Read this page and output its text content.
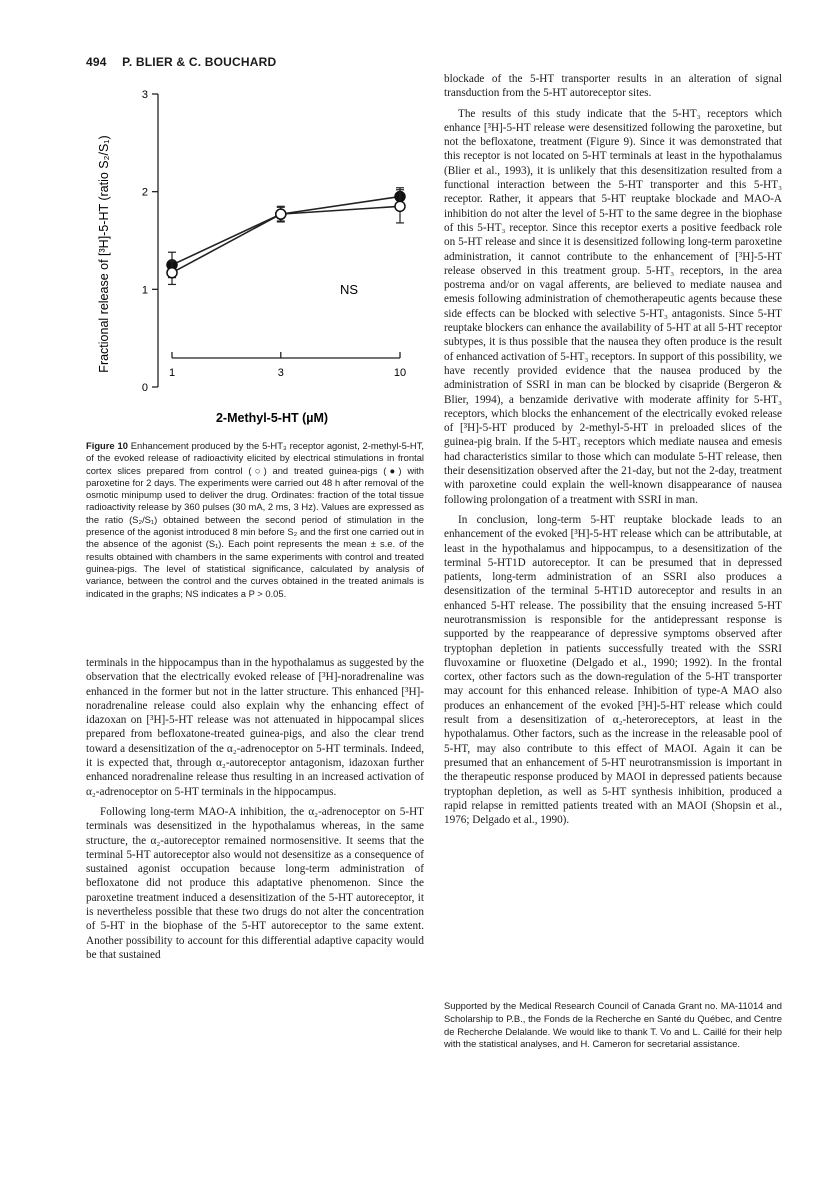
494 P. BLIER & C. BOUCHARD
0
1
2
3
1	3	10
Fractional release of [³H]-5-HT (ratio S₂/S₁)
2-Methyl-5-HT (µM)
NS
Figure 10 Enhancement produced by the 5-HT₃ receptor agonist, 2-methyl-5-HT, of the evoked release of radioactivity elicited by electrical stimulations in frontal cortex slices prepared from control (○) and treated guinea-pigs (●) with paroxetine for 2 days. The experiments were carried out 48 h after removal of the osmotic minipump used to deliver the drug. Ordinates: fraction of the total tissue radioactivity release by 360 pulses (30 mA, 2 ms, 3 Hz). Values are expressed as the ratio (S₂/S₁) obtained between the second period of stimulation in the presence of the agonist introduced 8 min before S₂ and the first one carried out in the absence of the agonist (S₁). Each point represents the mean ± s.e. of the results obtained with chambers in the same experiments with control and treated guinea-pigs. The level of statistical significance, calculated by analysis of variance, between the control and the curves obtained in the treated animals is indicated in the graphs; NS indicates a P > 0.05.

terminals in the hippocampus than in the hypothalamus as suggested by the observation that the electrically evoked release of [³H]-noradrenaline was enhanced in the former but not in the latter structure. This enhanced [³H]-noradrenaline release could also explain why the enhancing effect of idazoxan on [³H]-5-HT release was not attenuated in hippocampal slices prepared from befloxatone-treated guinea-pigs, and also the clear trend toward a desensitization of the α₂-adrenoceptor on 5-HT terminals. Indeed, it is expected that, through α₂-autoreceptor antagonism, idazoxan further enhanced noradrenaline release thus resulting in an increased activation of α₂-adrenoceptor on 5-HT terminals in the hippocampus.

Following long-term MAO-A inhibition, the α₂-adrenoceptor on 5-HT terminals was desensitized in the hypothalamus whereas, in the same structure, the α₂-autoreceptor remained normosensitive. It seems that the terminal 5-HT autoreceptor also would not desensitize as a consequence of sustained agonist occupation because long-term administration of befloxatone did not produce this adaptative phenomenon. Since the paroxetine treatment induced a desensitization of the 5-HT autoreceptor, it is nevertheless possible that these two drugs do not alter the concentration of 5-HT in the biophase of the 5-HT autoreceptor to the same extent. Another possibility to account for this differential adaptive capacity would be that sustained

blockade of the 5-HT transporter results in an alteration of signal transduction from the 5-HT autoreceptor sites.

The results of this study indicate that the 5-HT₃ receptors which enhance [³H]-5-HT release were desensitized following the paroxetine, but not the befloxatone, treatment (Figure 9). Since it was demonstrated that this receptor is not located on 5-HT terminals at least in the hypothalamus (Blier et al., 1993), it is unlikely that this desensitization resulted from a functional interaction between the 5-HT transporter and this 5-HT₃ receptor. Rather, it appears that 5-HT reuptake blockade and MAO-A inhibition do not alter the level of 5-HT to the same degree in the biophase of this 5-HT₃ receptor. Since this receptor exerts a positive feedback role on 5-HT release and since it is desensitized following long-term paroxetine administration, it cannot contribute to the enhancement of [³H]-5-HT release observed in this treatment group. 5-HT₃ receptors, in the area postrema and/or on vagal afferents, are believed to mediate nausea and emesis following administration of chemotherapeutic agents because these side effects can be blocked with selective 5-HT₃ antagonists. Since 5-HT reuptake blockers can enhance the availability of 5-HT at all 5-HT receptor subtypes, it is thus possible that the nausea they often produce is the result of enhanced activation of 5-HT₃ receptors. In support of this possibility, we have recently provided evidence that the nausea produced by the administration of SSRI in man can be blocked by cisapride (Bergeron & Blier, 1994), a benzamide derivative with moderate affinity for 5-HT₃ receptors, which blocks the enhancement of the electrically evoked release of [³H]-5-HT produced by 2-methyl-5-HT in preloaded slices of the guinea-pig brain. If the 5-HT₃ receptors which mediate nausea and emesis had characteristics similar to those which can modulate 5-HT release, then their desensitization observed after the 21-day, but not the 2-day, treatment with paroxetine could explain the well-known disappearance of nausea following prolongation of a treatment with SSRI in man.

In conclusion, long-term 5-HT reuptake blockade leads to an enhancement of the evoked [³H]-5-HT release which can be attributable, at least in the hypothalamus and hippocampus, to a desensitization of the terminal 5-HT1D autoreceptor. It can be presumed that in depressed patients, long-term administration of an SSRI also produces a desensitization of the terminal 5-HT1D autoreceptor and results in an enhanced 5-HT release. The possibility that the ensuing increased 5-HT neurotransmission is responsible for the antidepressant response is supported by the reappearance of depressive symptoms observed after tryptophan depletion in patients successfully treated with the SSRI fluvoxamine or fluoxetine (Delgado et al., 1990; 1992). In the frontal cortex, other factors such as the down-regulation of the 5-HT transporter may account for this enhanced release. Inhibition of type-A MAO also produces an enhancement of the evoked [³H]-5-HT release which could result from a desensitization of α₂-heteroreceptors, at least in the hypothalamus. Other factors, such as the increase in the releasable pool of 5-HT, may also contribute to this effect of MAOI. Again it can be presumed that an enhancement of 5-HT neurotransmission is important in the therapeutic response produced by MAOI in depressed patients because tryptophan depletion, as well as 5-HT synthesis inhibition, produced a rapid relapse in remitted patients treated with an MAOI (Shopsin et al., 1976; Delgado et al., 1990).

Supported by the Medical Research Council of Canada Grant no. MA-11014 and Scholarship to P.B., the Fonds de la Recherche en Santé du Québec, and Centre de Recherche Delalande. We would like to thank T. Vo and L. Caillé for their help with the statistical analyses, and H. Cameron for secretarial assistance.
